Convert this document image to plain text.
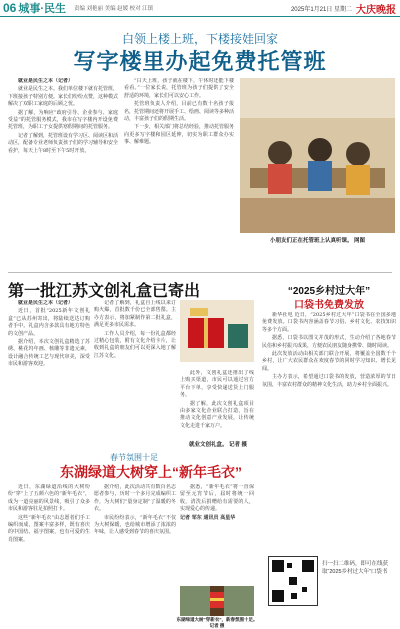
06 城事·民生 责编 刘艳丽 美编 赵媛 校对 江镇	2025年1月21日 星期二 大庆晚报
白领上楼上班，下楼接娃回家
写字楼里办起免费托管班

就业是民生之本（记者）

就业是民生之本。我们单位楼下就有托管班，下班接孩子特别方便。家长们纷纷点赞，这种模式解决了双职工家庭的后顾之忧。

据了解，为响应“政府引导、企业参与、家庭受益”的托管服务模式，我市在写字楼内开设免费托管班，为职工子女提供寒假期间的托管服务。

记者了解到，托管班设有学习区、阅读区和活动区，配备专业老师负责孩子们的学习辅导和安全看护，每天上午8时至下午5时开放。

“白天上班，孩子就在楼下，午休时还能下楼看看。”一位家长说，托管班为孩子们提供了安全舒适的环境，家长们可以安心工作。

托管班负责人介绍，目前已有数十名孩子报名，托管期间还将开展手工、绘画、阅读等多种活动，丰富孩子们的假期生活。

下一步，相关部门将总结经验，推动托管服务向更多写字楼和园区延伸，切实为职工群众办实事、解难题。

小朋友们正在托管班上认真听课。 网图
第一批江苏文创礼盒已寄出

就业是民生之本（记者）

近日，首批“2025新年文创礼盒”已从苏州寄出，将陆续送达订购者手中。礼盒内含多款具有地方特色的文创产品。

据介绍，本次文创礼盒精选了苏绣、桃花坞年画、核雕等非遗元素，设计融合传统工艺与现代审美，深受市民和游客欢迎。

记者了解到，礼盒自上线以来订购火爆，首批数千份已全部售罄。主办方表示，将加紧制作第二批礼盒，满足更多市民需求。

工作人员介绍，每一份礼盒都经过精心包装，附有文化介绍卡片，让收到礼盒的朋友们可以更深入地了解江苏文化。

此外，文创礼盒还推出了线上购买渠道，市民可以通过官方平台下单，享受快递送货上门服务。

据了解，此次文创礼盒项目由多家文化企业联合打造，旨在推动文化创意产业发展，让传统文化走进千家万户。

就业文创礼盒。 记者 摄
“2025乡村过大年”
口袋书免费发放

新华社电 近日，“2025乡村过大年”口袋书在全国多地免费发放。口袋书内容涵盖春节习俗、乡村文化、农技知识等多个方面。

据悉，口袋书以图文并茂的形式，生动介绍了各地春节民俗和乡村振兴成果，方便农民朋友随身携带、随时阅读。

此次发放活动由相关部门联合开展，将覆盖全国数千个乡村，让广大农民群众在欢度春节的同时学习知识、增长见闻。

主办方表示，希望通过口袋书的发放，营造浓厚的节日氛围，丰富农村群众的精神文化生活，助力乡村全面振兴。

扫一扫二维码，即可在线获取“2025乡村过大年”口袋书
春节氛围十足
东湖绿道大树穿上“新年毛衣”

近日，东湖绿道沿线的大树纷纷“穿”上了五颜六色的“新年毛衣”，成为一道亮丽的风景线，吸引了众多市民和游客驻足拍照打卡。

这些“新年毛衣”由志愿者们手工编织而成，图案丰富多样，既有喜庆的中国结、福字图案，也有可爱的生肖图案。

据介绍，此次活动共有数百名志愿者参与，历时一个多月完成编织工作，为大树们“量身定制”了温暖的冬衣。

市民纷纷表示，“新年毛衣”不仅为大树保暖，也给城市增添了浓浓的年味，让人感受到春节的喜庆氛围。

据悉，“新年毛衣”将一直保留至元宵节后，届时将统一回收，清洗后捐赠给有需要的人，实现爱心的传递。

记者 邹东 通讯员 高星华

东湖绿道大树“穿新衣”，新春氛围十足。 记者 摄
